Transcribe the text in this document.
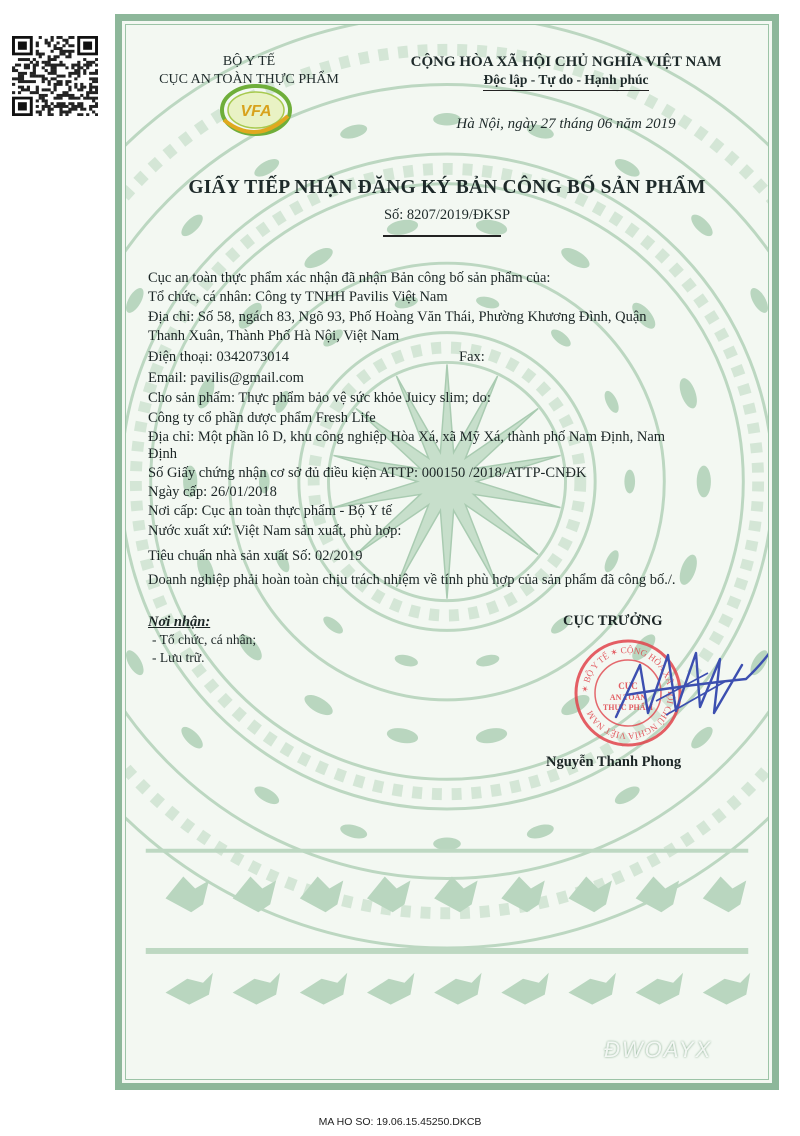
BỘ Y TẾ
CỤC AN TOÀN THỰC PHẨM
VFA
CỘNG HÒA XÃ HỘI CHỦ NGHĨA VIỆT NAM
Độc lập - Tự do - Hạnh phúc
Hà Nội, ngày 27 tháng 06 năm 2019
GIẤY TIẾP NHẬN ĐĂNG KÝ BẢN CÔNG BỐ SẢN PHẨM
Số: 8207/2019/ĐKSP
Cục an toàn thực phẩm xác nhận đã nhận Bản công bố sản phẩm của:
Tổ chức, cá nhân: Công ty TNHH Pavilis Việt Nam
Địa chỉ: Số 58, ngách 83, Ngõ 93, Phố Hoàng Văn Thái, Phường Khương Đình, Quận
Thanh Xuân, Thành Phố Hà Nội, Việt Nam
Điện thoại: 0342073014	Fax:
Email: pavilis@gmail.com
Cho sản phẩm: Thực phẩm bảo vệ sức khỏe Juicy slim; do:
Công ty cổ phần dược phẩm Fresh Life
Địa chỉ: Một phần lô D, khu công nghiệp Hòa Xá, xã Mỹ Xá, thành phố Nam Định, Nam
Định
Số Giấy chứng nhận cơ sở đủ điều kiện ATTP: 000150 /2018/ATTP-CNĐK
Ngày cấp: 26/01/2018
Nơi cấp: Cục an toàn thực phẩm - Bộ Y tế
Nước xuất xứ: Việt Nam sản xuất, phù hợp:
Tiêu chuẩn nhà sản xuất Số: 02/2019
Doanh nghiệp phải hoàn toàn chịu trách nhiệm về tính phù hợp của sản phẩm đã công bố./.
Nơi nhận:
- Tổ chức, cá nhân;
- Lưu trữ.
CỤC TRƯỞNG
✶ BỘ Y TẾ ✶ CỘNG HÒA XÃ HỘI CHỦ NGHĨA VIỆT NAM
CỤC
AN TOÀN
THỰC PHẨM
Nguyễn Thanh Phong
ĐWOAYX
MA HO SO: 19.06.15.45250.DKCB
